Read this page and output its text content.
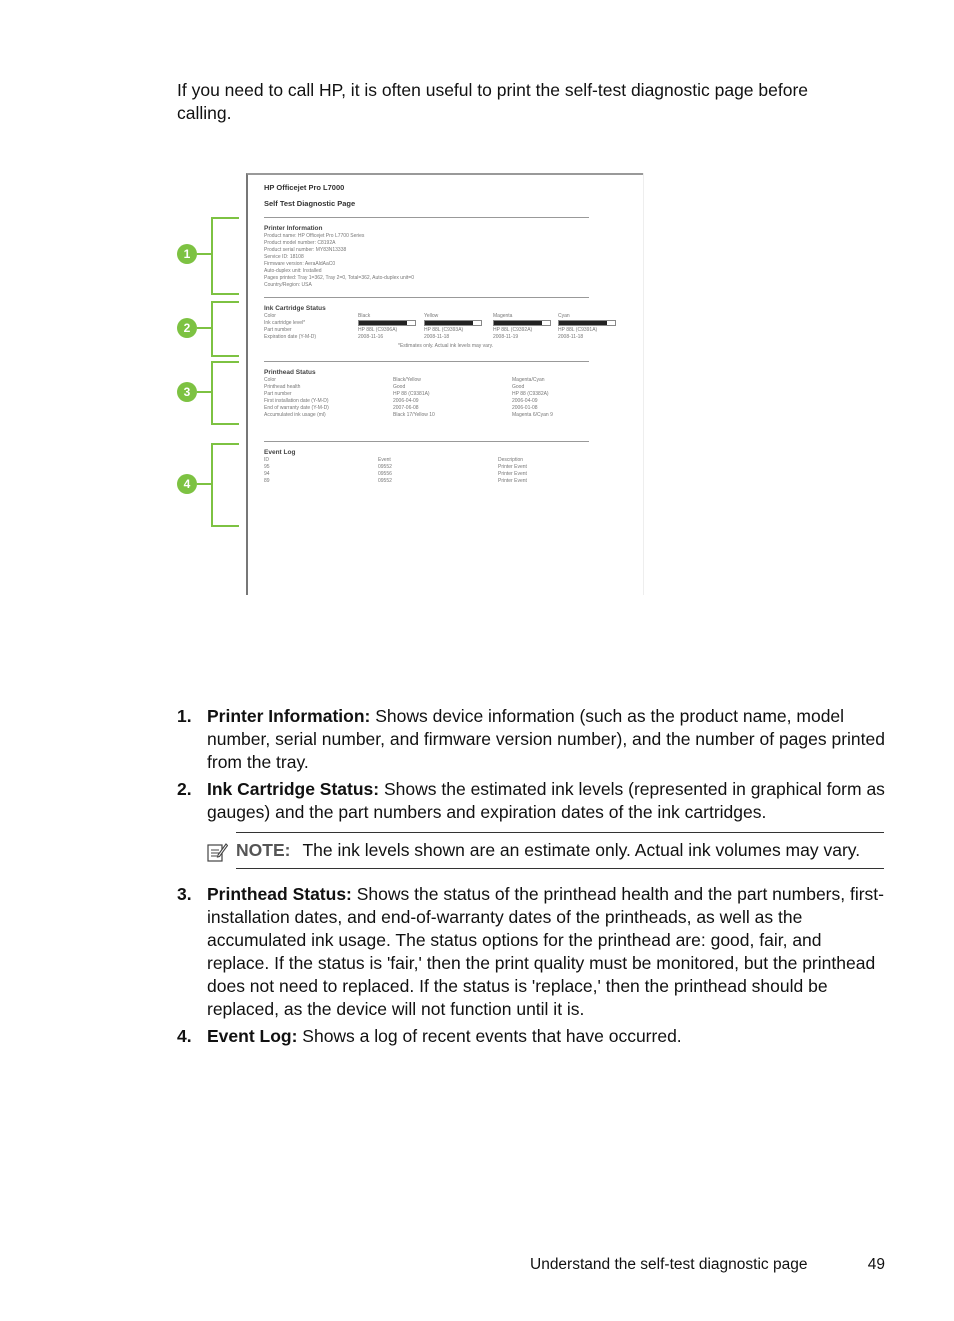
If you need to call HP, it is often useful to print the self-test diagnostic page before calling.

1
2
3
4
HP Officejet Pro L7000
Self Test Diagnostic Page
Printer Information
Product name: HP Officejet Pro L7700 Series
Product model number: C8192A
Product serial number: MY83N13338
Service ID: 18108
Firmware version: AeraAldAaC0
Auto-duplex unit: Installed
Pages printed: Tray 1=362, Tray 2=0, Total=362, Auto-duplex unit=0
Country/Region: USA
Ink Cartridge Status
Color
Ink cartridge level*
Part number
Expiration date (Y-M-D)
Black
HP 88L (C9396A)
2008-11-16
Yellow
HP 88L (C9393A)
2008-11-18
Magenta
HP 88L (C9392A)
2008-11-19
Cyan
HP 88L (C9391A)
2008-11-18
*Estimates only. Actual ink levels may vary.
Printhead Status
Color
Printhead health
Part number
First installation date (Y-M-D)
End of warranty date (Y-M-D)
Accumulated ink usage (ml)
Black/Yellow
Good
HP 88 (C9381A)
2006-04-09
2007-06-08
Black 17/Yellow 10
Magenta/Cyan
Good
HP 88 (C9382A)
2006-04-09
2006-01-08
Magenta 6/Cyan 9
Event Log
ID
95
94
89
Event
09552
09556
09552
Description
Printer Event
Printer Event
Printer Event
1. Printer Information: Shows device information (such as the product name, model number, serial number, and firmware version number), and the number of pages printed from the tray.
2. Ink Cartridge Status: Shows the estimated ink levels (represented in graphical form as gauges) and the part numbers and expiration dates of the ink cartridges.
NOTE: The ink levels shown are an estimate only. Actual ink volumes may vary.
3. Printhead Status: Shows the status of the printhead health and the part numbers, first-installation dates, and end-of-warranty dates of the printheads, as well as the accumulated ink usage. The status options for the printhead are: good, fair, and replace. If the status is 'fair,' then the print quality must be monitored, but the printhead does not need to replaced. If the status is 'replace,' then the printhead should be replaced, as the device will not function until it is.
4. Event Log: Shows a log of recent events that have occurred.
Understand the self-test diagnostic page	49
